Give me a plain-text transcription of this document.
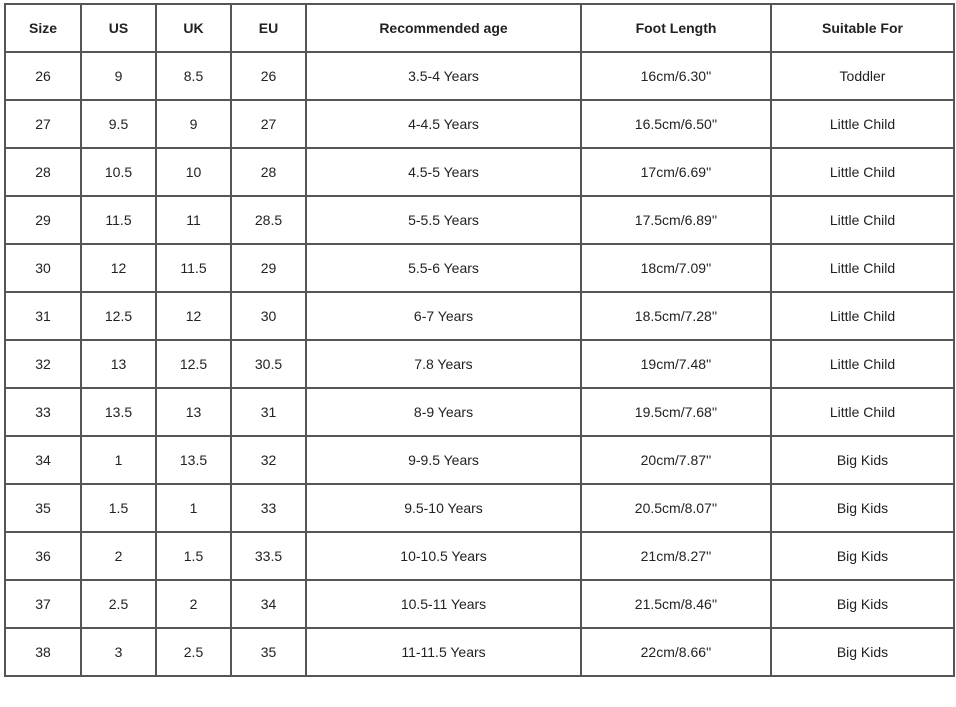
Size	US	UK	EU	Recommended age	Foot Length	Suitable For
26	9	8.5	26	3.5-4 Years	16cm/6.30''	Toddler
27	9.5	9	27	4-4.5 Years	16.5cm/6.50''	Little Child
28	10.5	10	28	4.5-5 Years	17cm/6.69''	Little Child
29	11.5	11	28.5	5-5.5 Years	17.5cm/6.89''	Little Child
30	12	11.5	29	5.5-6 Years	18cm/7.09''	Little Child
31	12.5	12	30	6-7 Years	18.5cm/7.28''	Little Child
32	13	12.5	30.5	7.8 Years	19cm/7.48''	Little Child
33	13.5	13	31	8-9 Years	19.5cm/7.68''	Little Child
34	1	13.5	32	9-9.5 Years	20cm/7.87''	Big Kids
35	1.5	1	33	9.5-10 Years	20.5cm/8.07''	Big Kids
36	2	1.5	33.5	10-10.5 Years	21cm/8.27''	Big Kids
37	2.5	2	34	10.5-11 Years	21.5cm/8.46''	Big Kids
38	3	2.5	35	11-11.5 Years	22cm/8.66''	Big Kids
